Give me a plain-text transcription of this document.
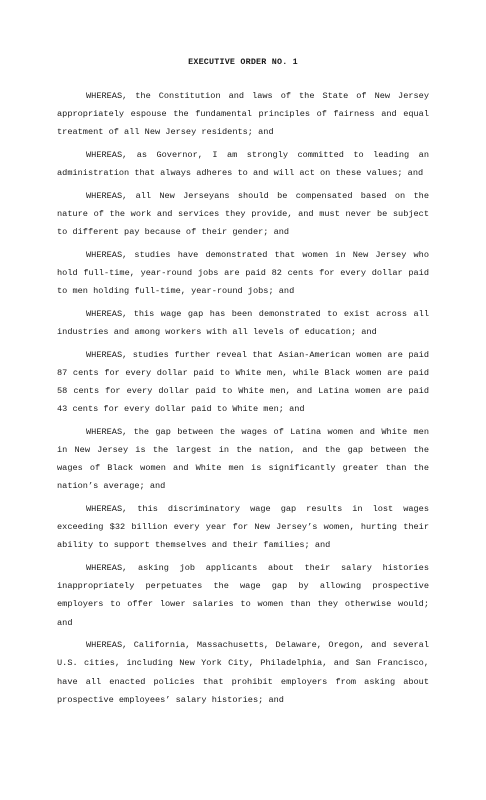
EXECUTIVE ORDER NO. 1

WHEREAS, the Constitution and laws of the State of New Jersey appropriately espouse the fundamental principles of fairness and equal treatment of all New Jersey residents; and

WHEREAS, as Governor, I am strongly committed to leading an administration that always adheres to and will act on these values; and

WHEREAS, all New Jerseyans should be compensated based on the nature of the work and services they provide, and must never be subject to different pay because of their gender; and

WHEREAS, studies have demonstrated that women in New Jersey who hold full-time, year-round jobs are paid 82 cents for every dollar paid to men holding full-time, year-round jobs; and

WHEREAS, this wage gap has been demonstrated to exist across all industries and among workers with all levels of education; and

WHEREAS, studies further reveal that Asian-American women are paid 87 cents for every dollar paid to White men, while Black women are paid 58 cents for every dollar paid to White men, and Latina women are paid 43 cents for every dollar paid to White men; and

WHEREAS, the gap between the wages of Latina women and White men in New Jersey is the largest in the nation, and the gap between the wages of Black women and White men is significantly greater than the nation’s average; and

WHEREAS, this discriminatory wage gap results in lost wages exceeding $32 billion every year for New Jersey’s women, hurting their ability to support themselves and their families; and

WHEREAS, asking job applicants about their salary histories inappropriately perpetuates the wage gap by allowing prospective employers to offer lower salaries to women than they otherwise would; and

WHEREAS, California, Massachusetts, Delaware, Oregon, and several U.S. cities, including New York City, Philadelphia, and San Francisco, have all enacted policies that prohibit employers from asking about prospective employees’ salary histories; and
